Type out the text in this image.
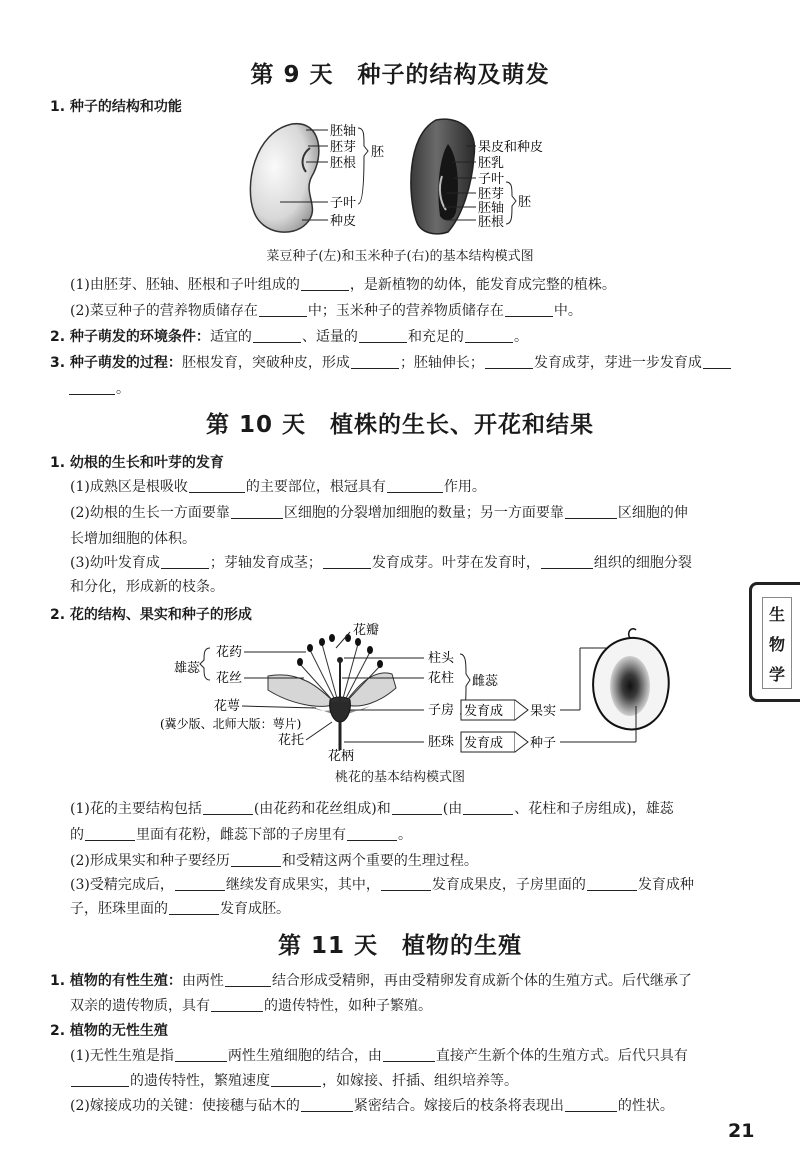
第 9 天　种子的结构及萌发
1. 种子的结构和功能
胚轴
胚芽
胚根
子叶
种皮
胚	果皮和种皮
胚乳
子叶
胚芽
胚轴
胚根
胚
菜豆种子(左)和玉米种子(右)的基本结构模式图
(1)由胚芽、胚轴、胚根和子叶组成的	，是新植物的幼体，能发育成完整的植株。
(2)菜豆种子的营养物质储存在	中；玉米种子的营养物质储存在	中。
2. 种子萌发的环境条件：适宜的	、适量的	和充足的	。
3. 种子萌发的过程：胚根发育，突破种皮，形成	；胚轴伸长；	发育成芽，芽进一步发育成
。
第 10 天　植株的生长、开花和结果
1. 幼根的生长和叶芽的发育
(1)成熟区是根吸收	的主要部位，根冠具有	作用。
(2)幼根的生长一方面要靠	区细胞的分裂增加细胞的数量；另一方面要靠	区细胞的伸
长增加细胞的体积。
(3)幼叶发育成	；芽轴发育成茎；	发育成芽。叶芽在发育时，	组织的细胞分裂
和分化，形成新的枝条。
2. 花的结构、果实和种子的形成
花瓣
花药
雄蕊
花丝
花萼
(冀少版、北师大版：萼片)
花托
花柄
柱头
花柱 雌蕊
子房
胚珠
发育成 果实
发育成 种子
桃花的基本结构模式图
(1)花的主要结构包括	(由花药和花丝组成)和	(由	、花柱和子房组成)，雄蕊
的	里面有花粉，雌蕊下部的子房里有	。
(2)形成果实和种子要经历	和受精这两个重要的生理过程。
(3)受精完成后，	继续发育成果实，其中，	发育成果皮，子房里面的	发育成种
子，胚珠里面的	发育成胚。
第 11 天　植物的生殖
1. 植物的有性生殖：由两性	结合形成受精卵，再由受精卵发育成新个体的生殖方式。后代继承了
双亲的遗传物质，具有	的遗传特性，如种子繁殖。
2. 植物的无性生殖
(1)无性生殖是指	两性生殖细胞的结合，由	直接产生新个体的生殖方式。后代只具有
的遗传特性，繁殖速度	，如嫁接、扦插、组织培养等。
(2)嫁接成功的关键：使接穗与砧木的	紧密结合。嫁接后的枝条将表现出	的性状。
生
物
学
21
